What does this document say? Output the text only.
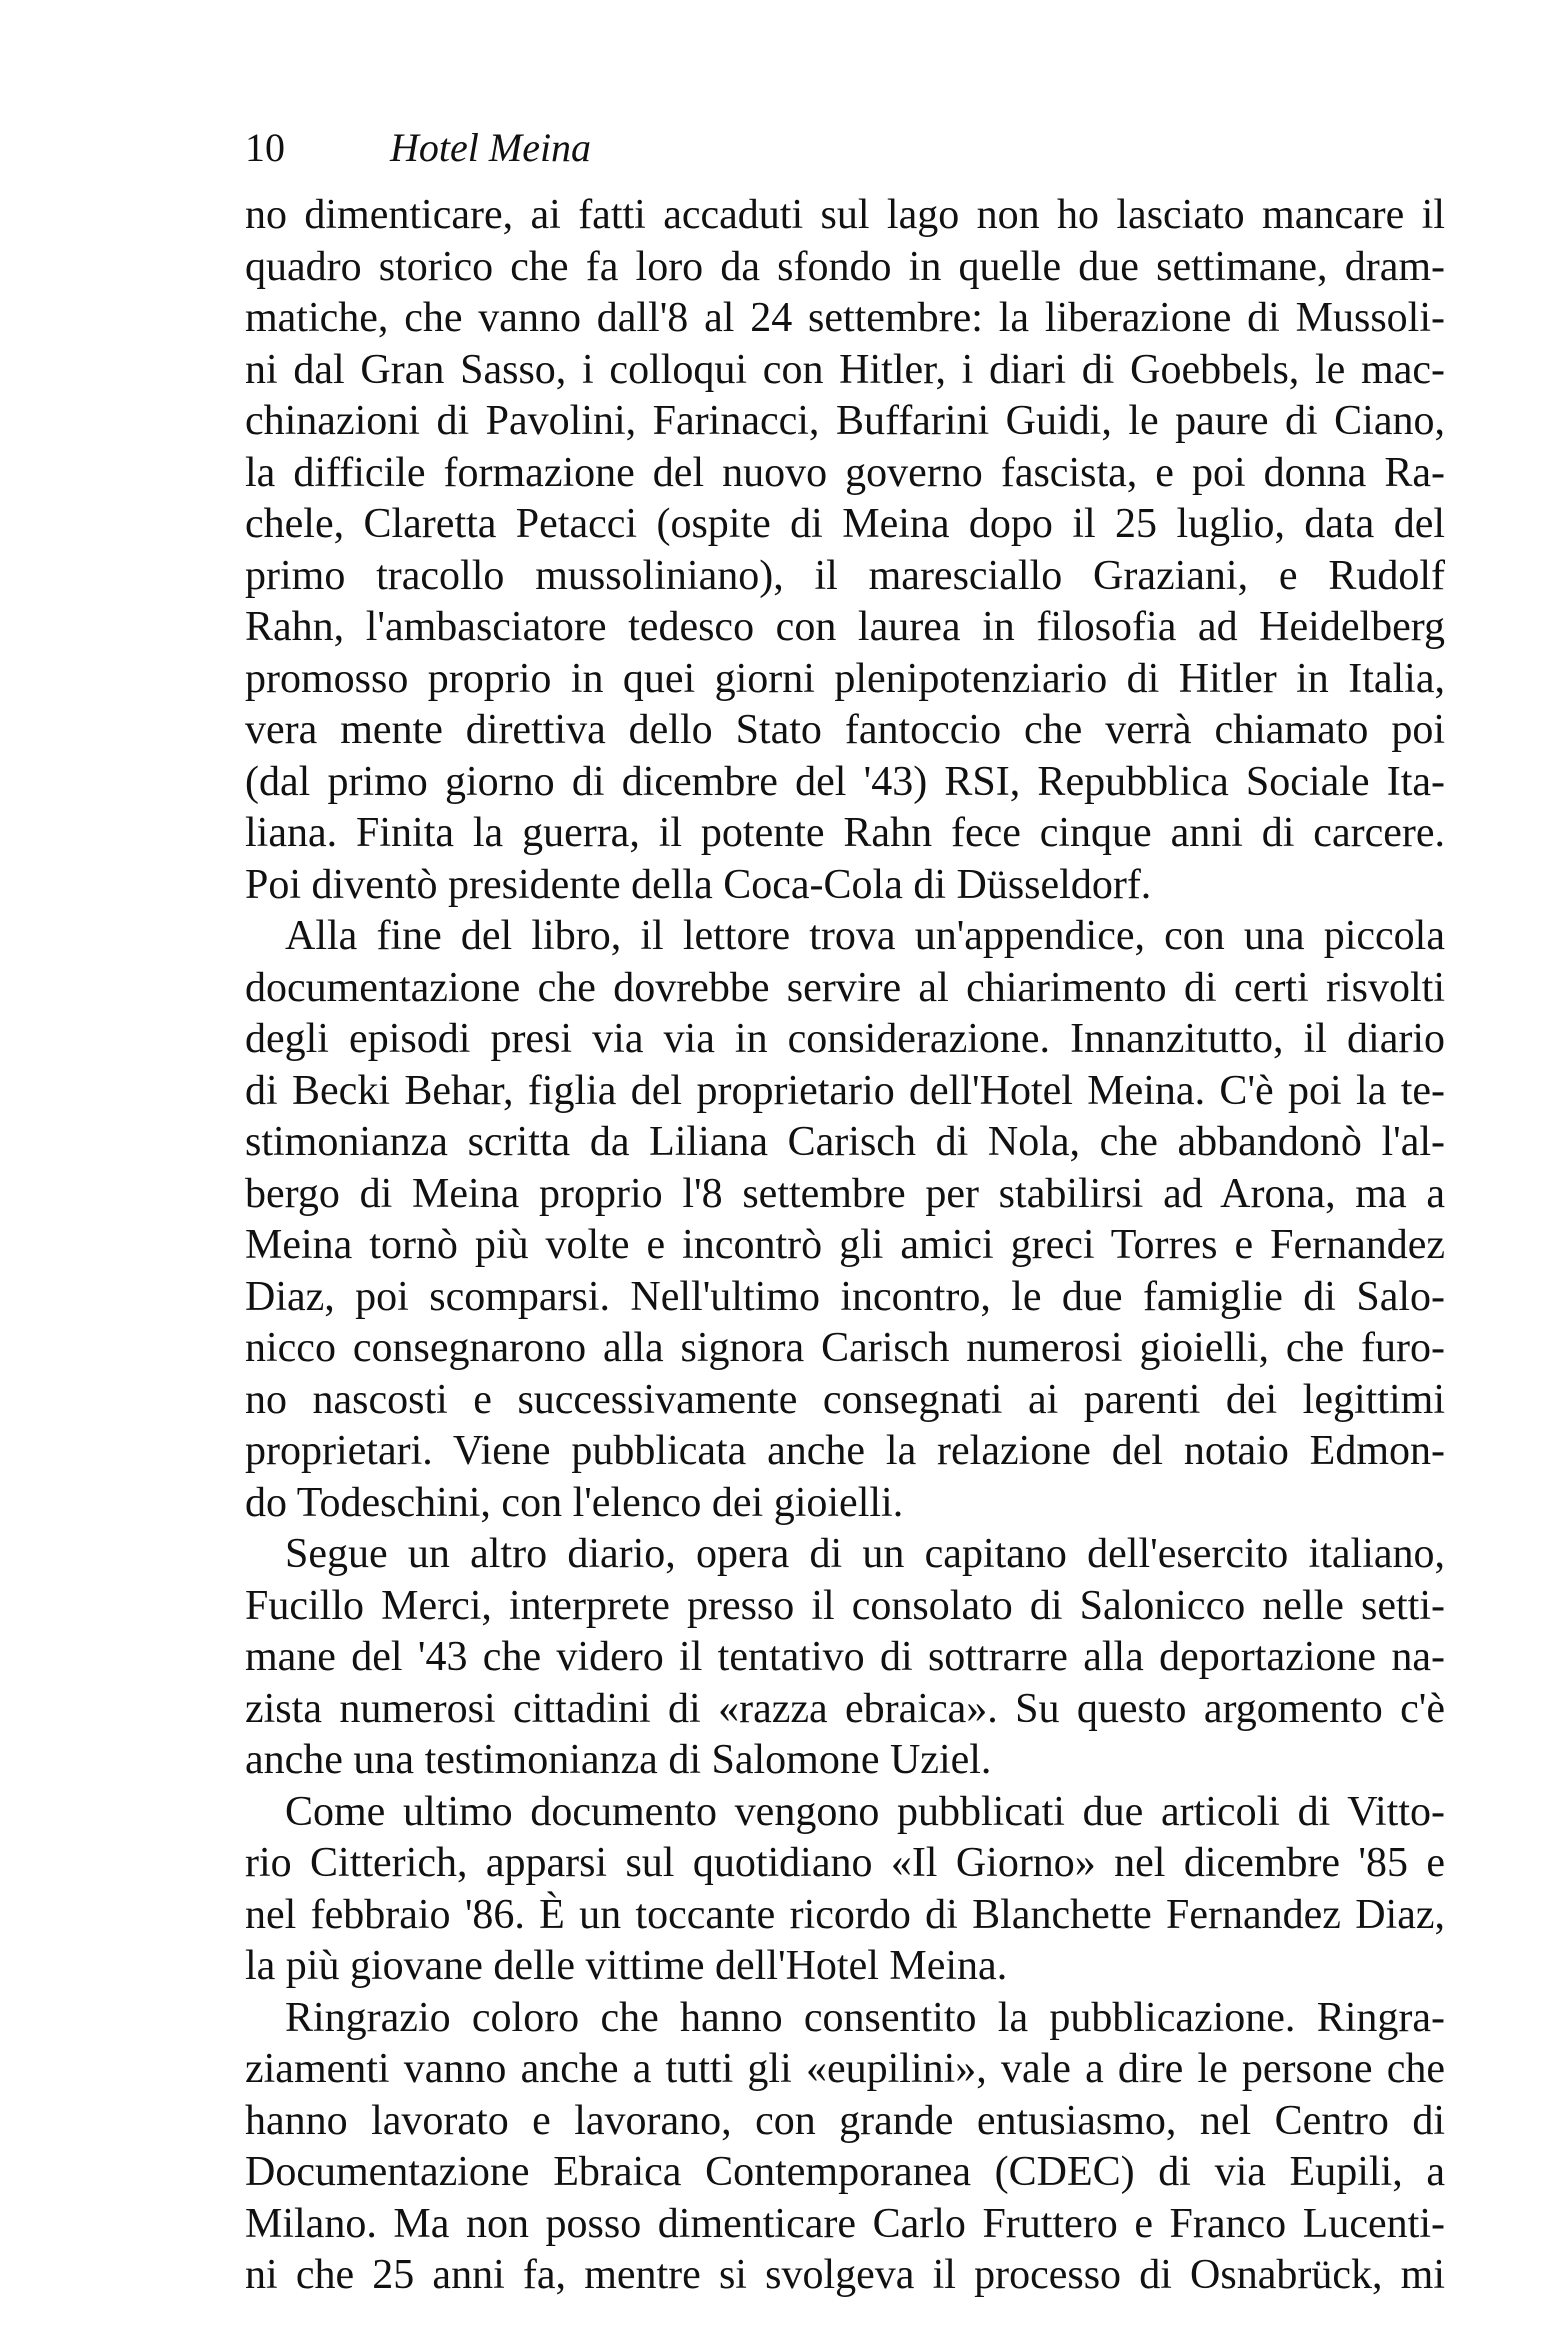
10	Hotel Meina
no dimenticare, ai fatti accaduti sul lago non ho lasciato mancare il
quadro storico che fa loro da sfondo in quelle due settimane, dram-
matiche, che vanno dall'8 al 24 settembre: la liberazione di Mussoli-
ni dal Gran Sasso, i colloqui con Hitler, i diari di Goebbels, le mac-
chinazioni di Pavolini, Farinacci, Buffarini Guidi, le paure di Ciano,
la difficile formazione del nuovo governo fascista, e poi donna Ra-
chele, Claretta Petacci (ospite di Meina dopo il 25 luglio, data del
primo tracollo mussoliniano), il maresciallo Graziani, e Rudolf
Rahn, l'ambasciatore tedesco con laurea in filosofia ad Heidelberg
promosso proprio in quei giorni plenipotenziario di Hitler in Italia,
vera mente direttiva dello Stato fantoccio che verrà chiamato poi
(dal primo giorno di dicembre del '43) RSI, Repubblica Sociale Ita-
liana. Finita la guerra, il potente Rahn fece cinque anni di carcere.
Poi diventò presidente della Coca-Cola di Düsseldorf.
Alla fine del libro, il lettore trova un'appendice, con una piccola
documentazione che dovrebbe servire al chiarimento di certi risvolti
degli episodi presi via via in considerazione. Innanzitutto, il diario
di Becki Behar, figlia del proprietario dell'Hotel Meina. C'è poi la te-
stimonianza scritta da Liliana Carisch di Nola, che abbandonò l'al-
bergo di Meina proprio l'8 settembre per stabilirsi ad Arona, ma a
Meina tornò più volte e incontrò gli amici greci Torres e Fernandez
Diaz, poi scomparsi. Nell'ultimo incontro, le due famiglie di Salo-
nicco consegnarono alla signora Carisch numerosi gioielli, che furo-
no nascosti e successivamente consegnati ai parenti dei legittimi
proprietari. Viene pubblicata anche la relazione del notaio Edmon-
do Todeschini, con l'elenco dei gioielli.
Segue un altro diario, opera di un capitano dell'esercito italiano,
Fucillo Merci, interprete presso il consolato di Salonicco nelle setti-
mane del '43 che videro il tentativo di sottrarre alla deportazione na-
zista numerosi cittadini di «razza ebraica». Su questo argomento c'è
anche una testimonianza di Salomone Uziel.
Come ultimo documento vengono pubblicati due articoli di Vitto-
rio Citterich, apparsi sul quotidiano «Il Giorno» nel dicembre '85 e
nel febbraio '86. È un toccante ricordo di Blanchette Fernandez Diaz,
la più giovane delle vittime dell'Hotel Meina.
Ringrazio coloro che hanno consentito la pubblicazione. Ringra-
ziamenti vanno anche a tutti gli «eupilini», vale a dire le persone che
hanno lavorato e lavorano, con grande entusiasmo, nel Centro di
Documentazione Ebraica Contemporanea (CDEC) di via Eupili, a
Milano. Ma non posso dimenticare Carlo Fruttero e Franco Lucenti-
ni che 25 anni fa, mentre si svolgeva il processo di Osnabrück, mi
